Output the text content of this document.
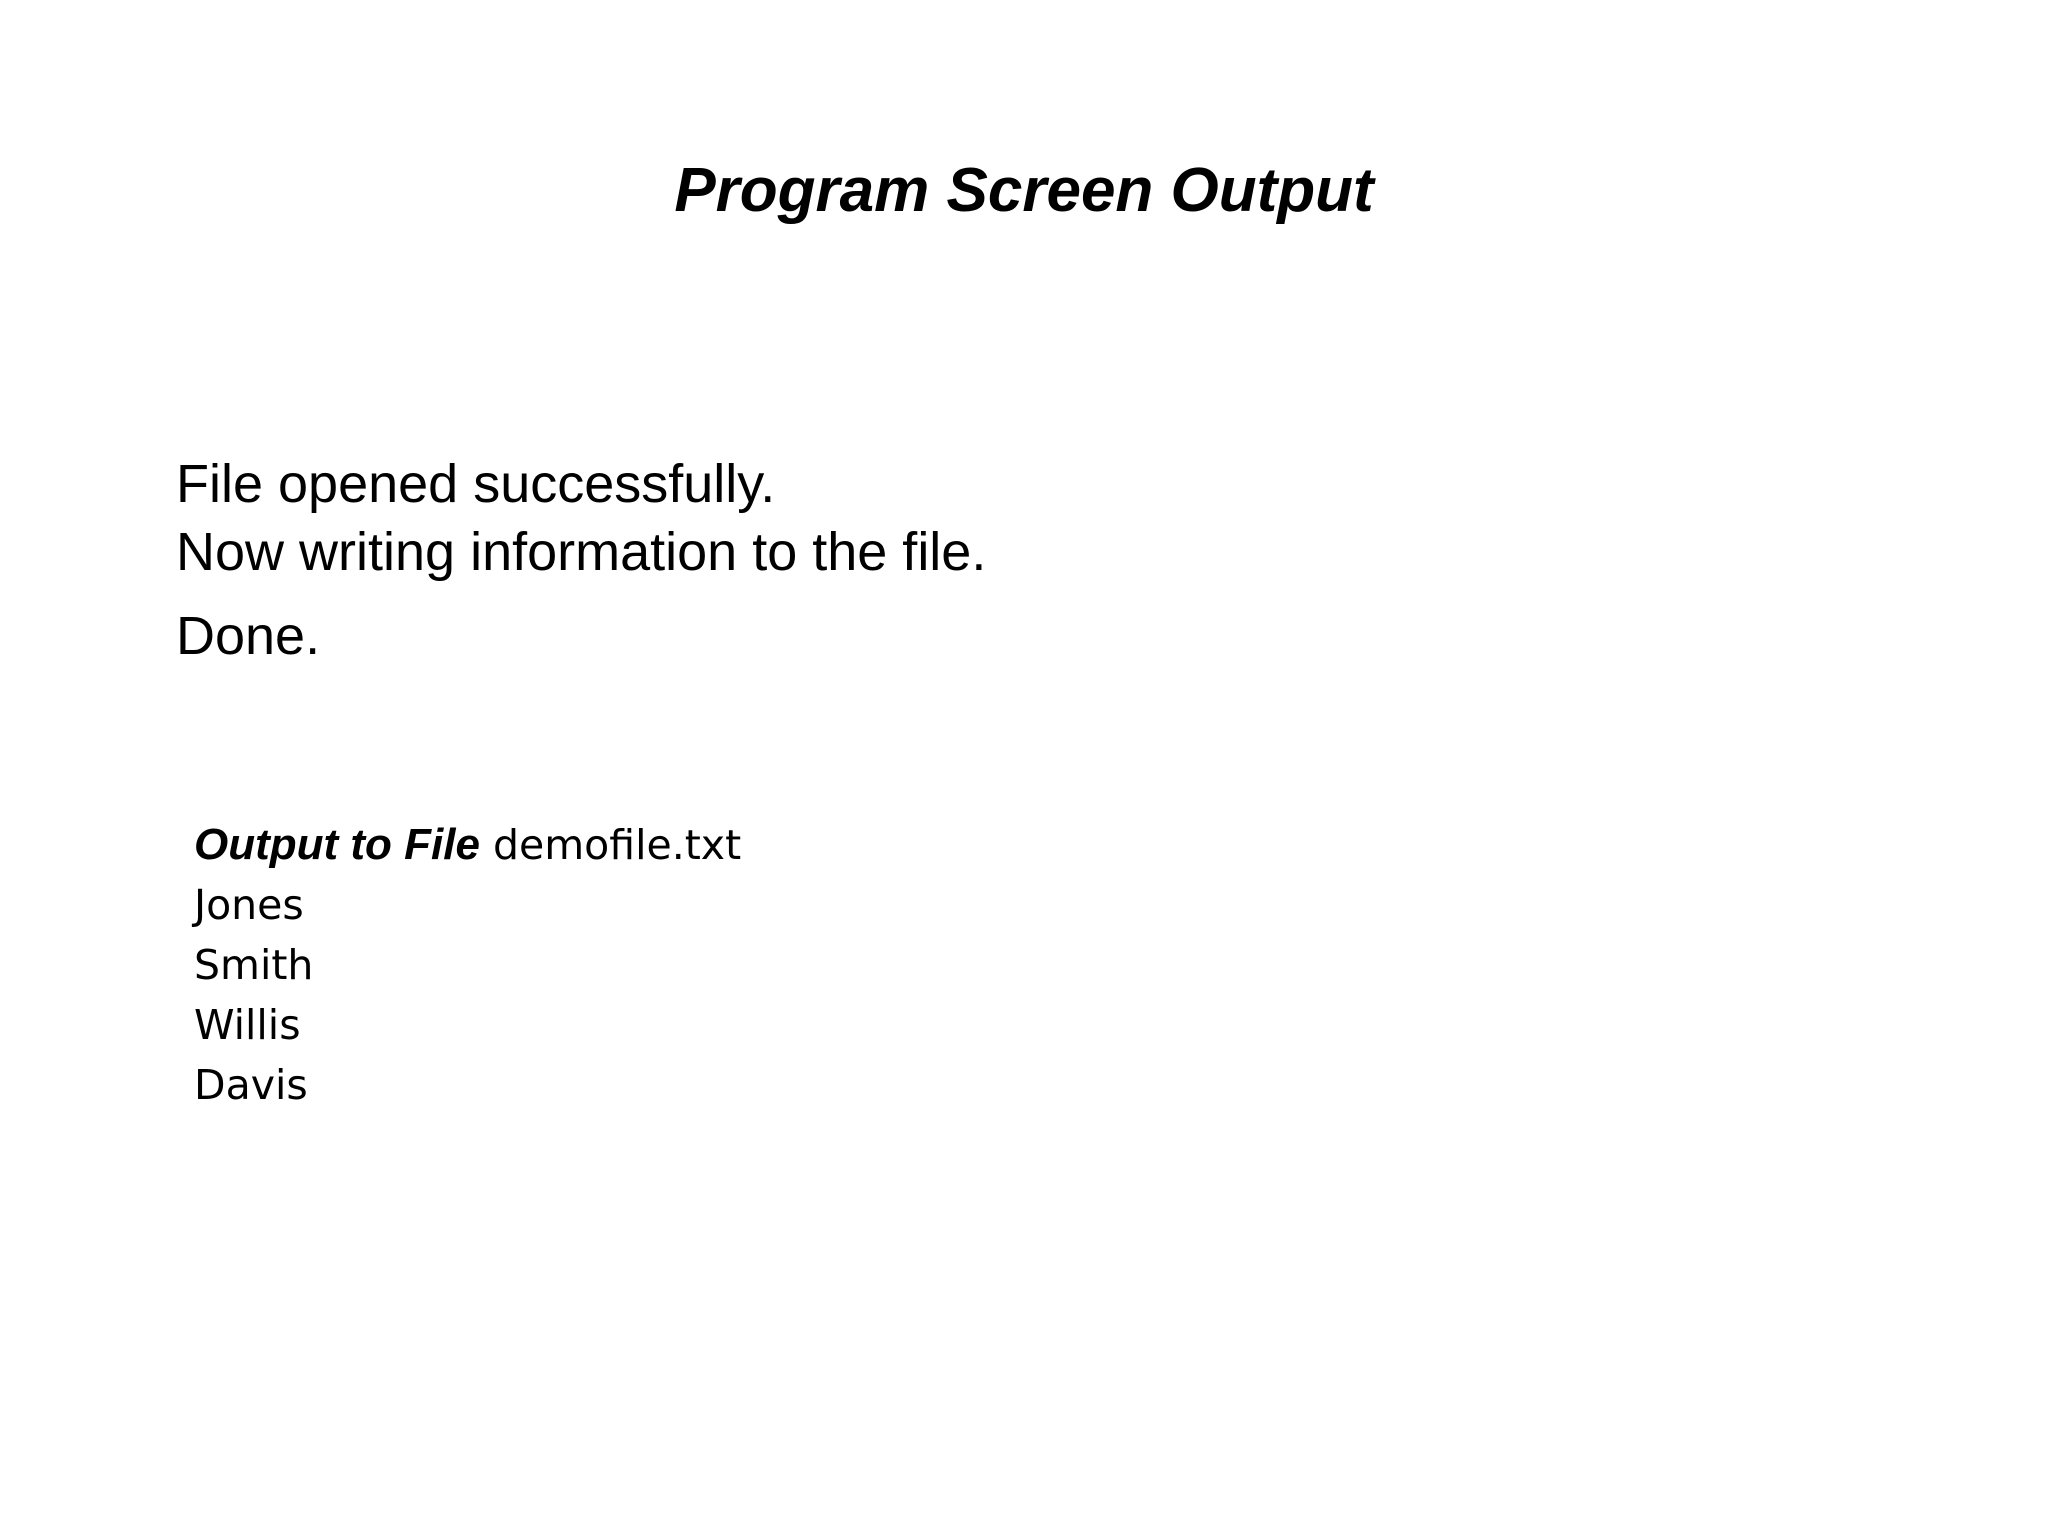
Program Screen Output
File opened successfully.
Now writing information to the file.
Done.
Output to File demofile.txt
Jones
Smith
Willis
Davis
